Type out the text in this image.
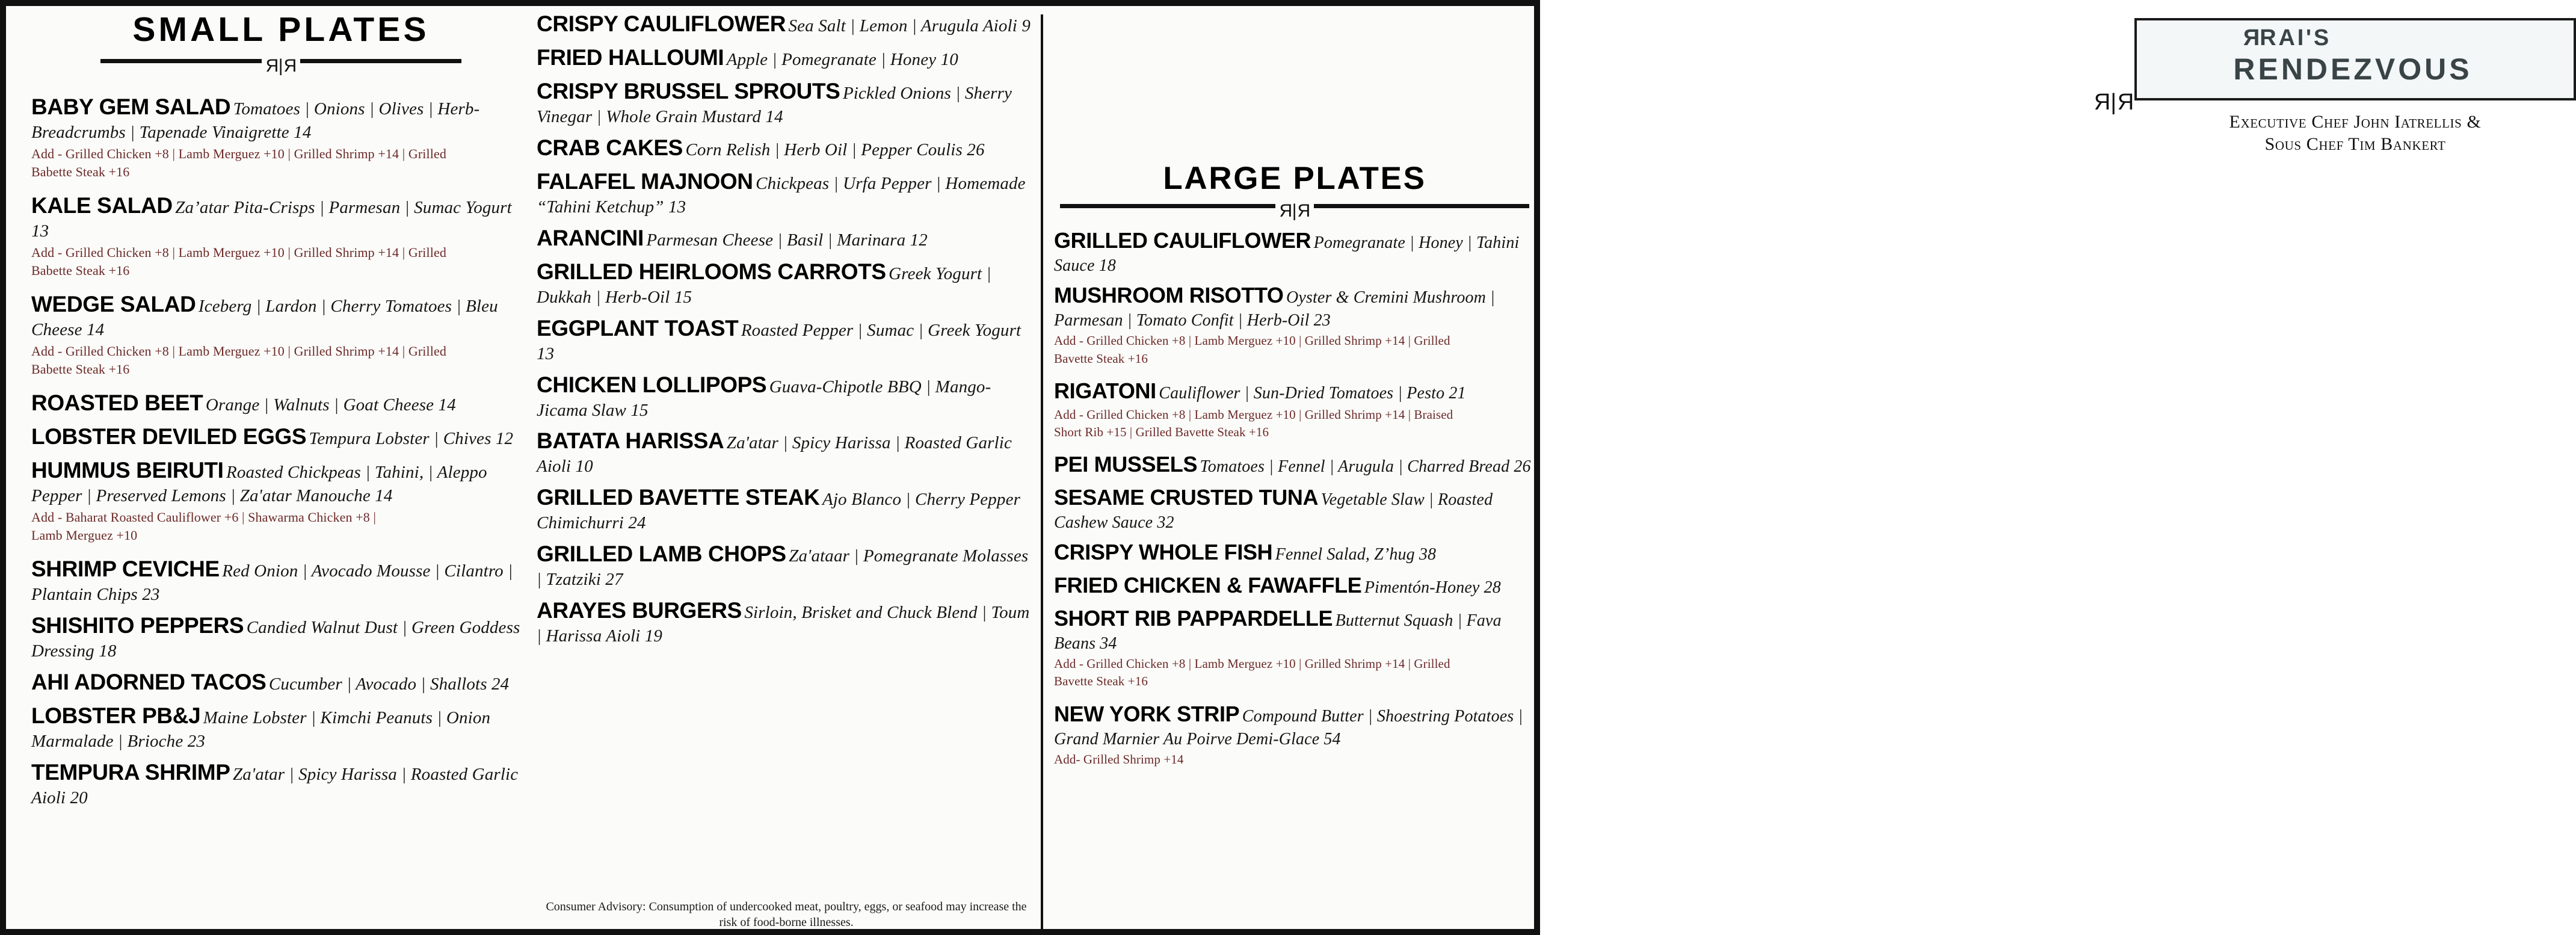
SMALL PLATES
R|R
BABY GEM SALAD Tomatoes | Onions | Olives | Herb-Breadcrumbs | Tapenade Vinaigrette 14
Add - Grilled Chicken +8 | Lamb Merguez +10 | Grilled Shrimp +14 | Grilled
Babette Steak +16
KALE SALAD Za’atar Pita-Crisps | Parmesan | Sumac Yogurt 13
Add - Grilled Chicken +8 | Lamb Merguez +10 | Grilled Shrimp +14 | Grilled
Babette Steak +16
WEDGE SALAD Iceberg | Lardon | Cherry Tomatoes | Bleu Cheese 14
Add - Grilled Chicken +8 | Lamb Merguez +10 | Grilled Shrimp +14 | Grilled
Babette Steak +16
ROASTED BEET Orange | Walnuts | Goat Cheese 14
LOBSTER DEVILED EGGS Tempura Lobster | Chives 12
HUMMUS BEIRUTI Roasted Chickpeas | Tahini, | Aleppo Pepper | Preserved Lemons | Za'atar Manouche 14
Add - Baharat Roasted Cauliflower +6 | Shawarma Chicken +8 |
Lamb Merguez +10
SHRIMP CEVICHE Red Onion | Avocado Mousse | Cilantro | Plantain Chips 23
SHISHITO PEPPERS Candied Walnut Dust | Green Goddess Dressing 18
AHI ADORNED TACOS Cucumber | Avocado | Shallots 24
LOBSTER PB&J Maine Lobster | Kimchi Peanuts | Onion Marmalade | Brioche 23
TEMPURA SHRIMP Za'atar | Spicy Harissa | Roasted Garlic Aioli 20
CRISPY CAULIFLOWER Sea Salt | Lemon | Arugula Aioli 9
FRIED HALLOUMI Apple | Pomegranate | Honey 10
CRISPY BRUSSEL SPROUTS Pickled Onions | Sherry Vinegar | Whole Grain Mustard 14
CRAB CAKES Corn Relish | Herb Oil | Pepper Coulis 26
FALAFEL MAJNOON Chickpeas | Urfa Pepper | Homemade “Tahini Ketchup” 13
ARANCINI Parmesan Cheese | Basil | Marinara 12
GRILLED HEIRLOOMS CARROTS Greek Yogurt | Dukkah | Herb-Oil 15
EGGPLANT TOAST Roasted Pepper | Sumac | Greek Yogurt 13
CHICKEN LOLLIPOPS Guava-Chipotle BBQ | Mango-Jicama Slaw 15
BATATA HARISSA Za'atar | Spicy Harissa | Roasted Garlic Aioli 10
GRILLED BAVETTE STEAK Ajo Blanco | Cherry Pepper Chimichurri 24
GRILLED LAMB CHOPS Za'ataar | Pomegranate Molasses | Tzatziki 27
ARAYES BURGERS Sirloin, Brisket and Chuck Blend | Toum | Harissa Aioli 19
RRAI'S
RENDEZVOUS
R|R
Executive Chef John Iatrellis &
Sous Chef Tim Bankert
LARGE PLATES
R|R
GRILLED CAULIFLOWER Pomegranate | Honey | Tahini Sauce 18
MUSHROOM RISOTTO Oyster & Cremini Mushroom | Parmesan | Tomato Confit | Herb-Oil 23
Add - Grilled Chicken +8 | Lamb Merguez +10 | Grilled Shrimp +14 | Grilled
Bavette Steak +16
RIGATONI Cauliflower | Sun-Dried Tomatoes | Pesto 21
Add - Grilled Chicken +8 | Lamb Merguez +10 | Grilled Shrimp +14 | Braised
Short Rib +15 | Grilled Bavette Steak +16
PEI MUSSELS Tomatoes | Fennel | Arugula | Charred Bread 26
SESAME CRUSTED TUNA Vegetable Slaw | Roasted Cashew Sauce 32
CRISPY WHOLE FISH Fennel Salad, Z’hug 38
FRIED CHICKEN & FAWAFFLE Pimentón-Honey 28
SHORT RIB PAPPARDELLE Butternut Squash | Fava Beans 34
Add - Grilled Chicken +8 | Lamb Merguez +10 | Grilled Shrimp +14 | Grilled
Bavette Steak +16
NEW YORK STRIP Compound Butter | Shoestring Potatoes | Grand Marnier Au Poirve Demi-Glace 54
Add- Grilled Shrimp +14
Consumer Advisory: Consumption of undercooked meat, poultry, eggs, or seafood may increase the
risk of food-borne illnesses.
